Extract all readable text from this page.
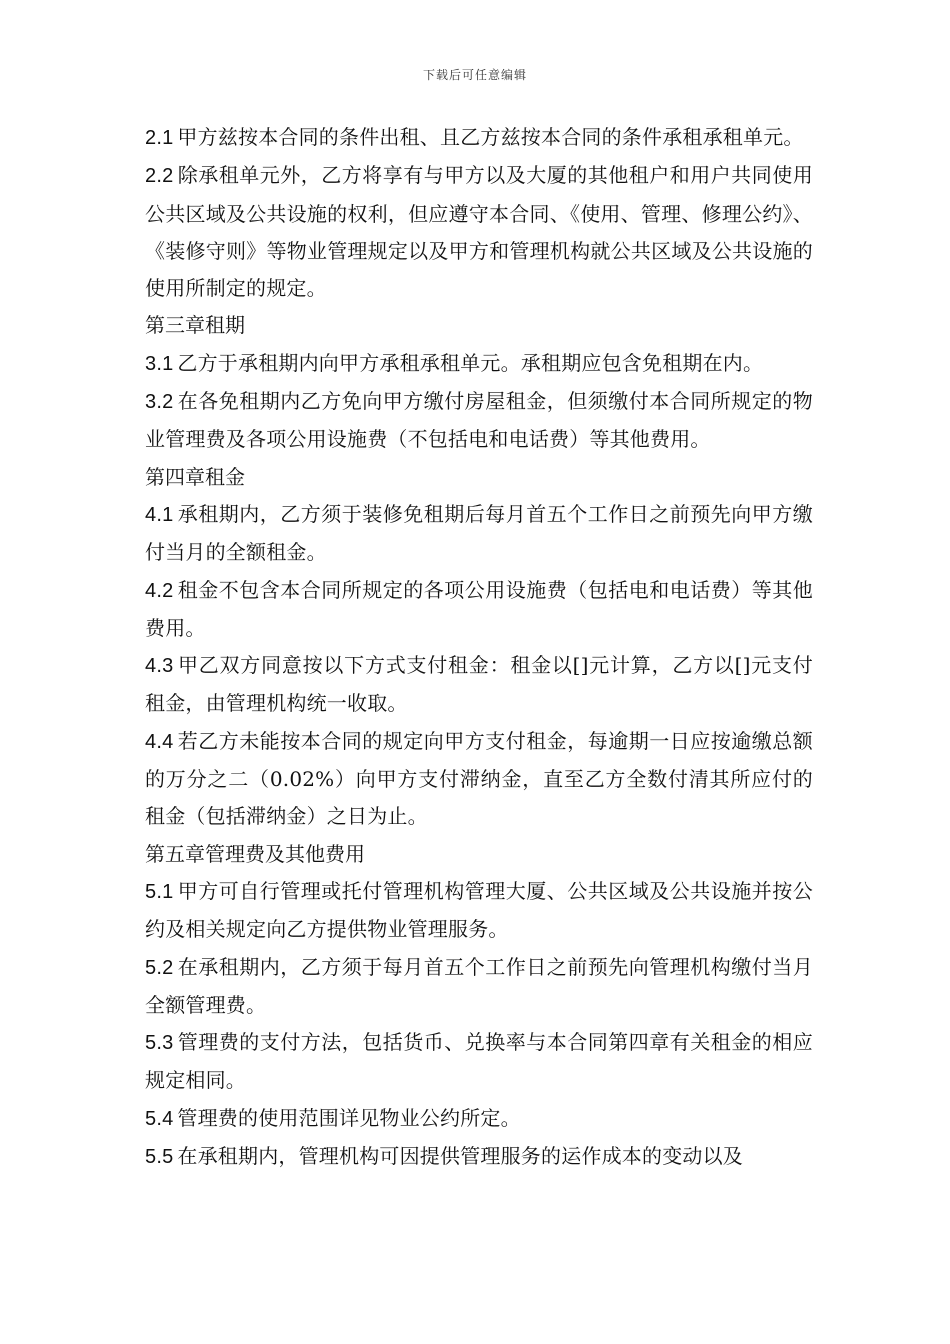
下载后可任意编辑

2.1 甲方兹按本合同的条件出租、且乙方兹按本合同的条件承租承租单元。

2.2 除承租单元外，乙方将享有与甲方以及大厦的其他租户和用户共同使用公共区域及公共设施的权利，但应遵守本合同、《使用、管理、修理公约》、《装修守则》等物业管理规定以及甲方和管理机构就公共区域及公共设施的使用所制定的规定。

第三章租期

3.1 乙方于承租期内向甲方承租承租单元。承租期应包含免租期在内。

3.2 在各免租期内乙方免向甲方缴付房屋租金，但须缴付本合同所规定的物业管理费及各项公用设施费（不包括电和电话费）等其他费用。

第四章租金

4.1 承租期内，乙方须于装修免租期后每月首五个工作日之前预先向甲方缴付当月的全额租金。

4.2 租金不包含本合同所规定的各项公用设施费（包括电和电话费）等其他费用。

4.3 甲乙双方同意按以下方式支付租金：租金以[]元计算，乙方以[]元支付租金，由管理机构统一收取。

4.4 若乙方未能按本合同的规定向甲方支付租金，每逾期一日应按逾缴总额的万分之二（0.02%）向甲方支付滞纳金，直至乙方全数付清其所应付的租金（包括滞纳金）之日为止。

第五章管理费及其他费用

5.1 甲方可自行管理或托付管理机构管理大厦、公共区域及公共设施并按公约及相关规定向乙方提供物业管理服务。

5.2 在承租期内，乙方须于每月首五个工作日之前预先向管理机构缴付当月全额管理费。

5.3 管理费的支付方法，包括货币、兑换率与本合同第四章有关租金的相应规定相同。

5.4 管理费的使用范围详见物业公约所定。

5.5 在承租期内，管理机构可因提供管理服务的运作成本的变动以及
